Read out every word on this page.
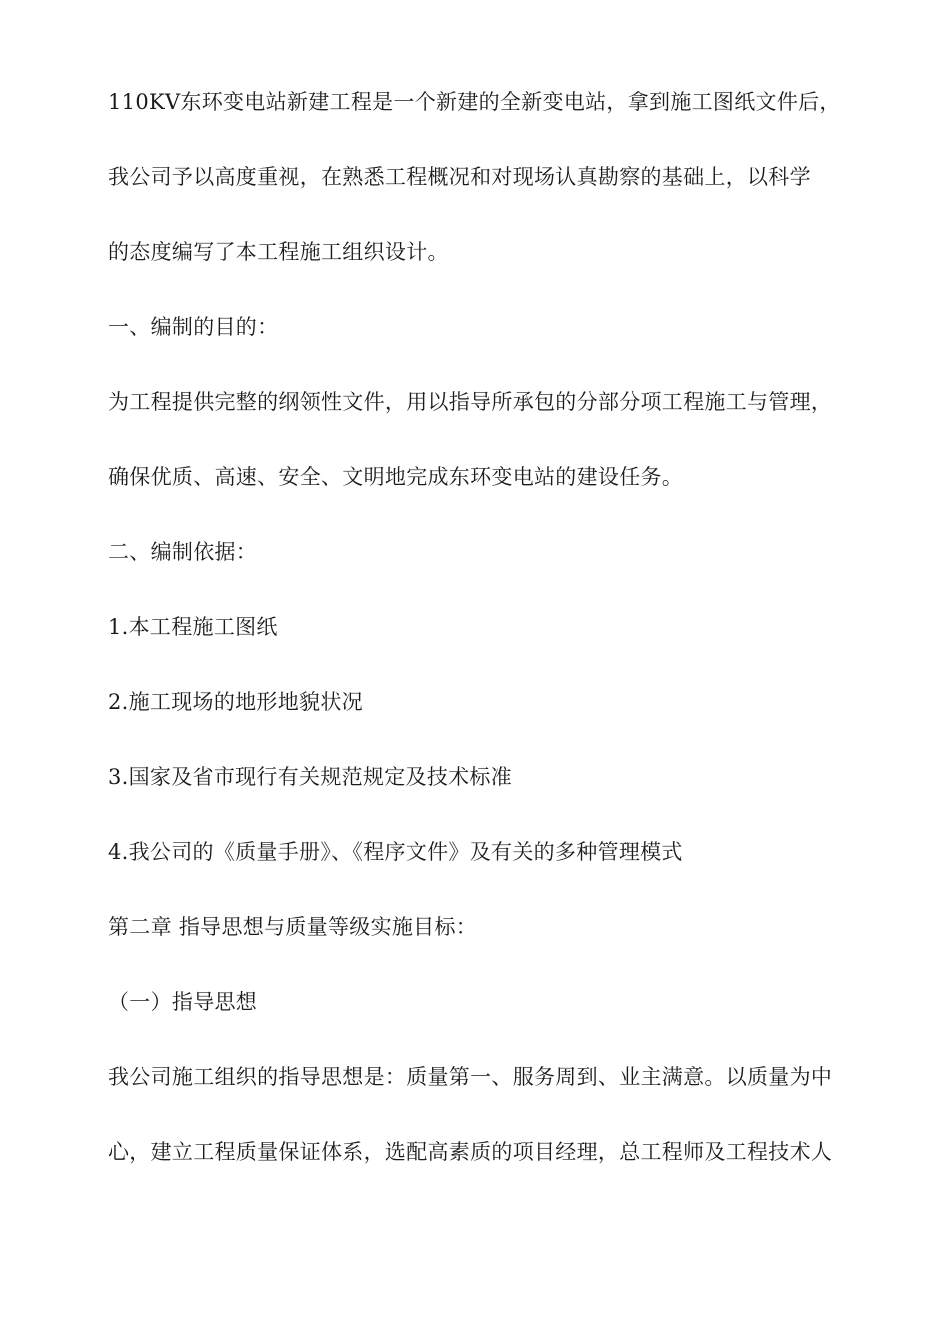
110KV东环变电站新建工程是一个新建的全新变电站，拿到施工图纸文件后，
我公司予以高度重视，在熟悉工程概况和对现场认真勘察的基础上，以科学
的态度编写了本工程施工组织设计。
一、编制的目的：
为工程提供完整的纲领性文件，用以指导所承包的分部分项工程施工与管理，
确保优质、高速、安全、文明地完成东环变电站的建设任务。
二、编制依据：
1.本工程施工图纸
2.施工现场的地形地貌状况
3.国家及省市现行有关规范规定及技术标准
4.我公司的《质量手册》、《程序文件》及有关的多种管理模式
第二章 指导思想与质量等级实施目标：
（一）指导思想
我公司施工组织的指导思想是：质量第一、服务周到、业主满意。以质量为中
心，建立工程质量保证体系，选配高素质的项目经理，总工程师及工程技术人
